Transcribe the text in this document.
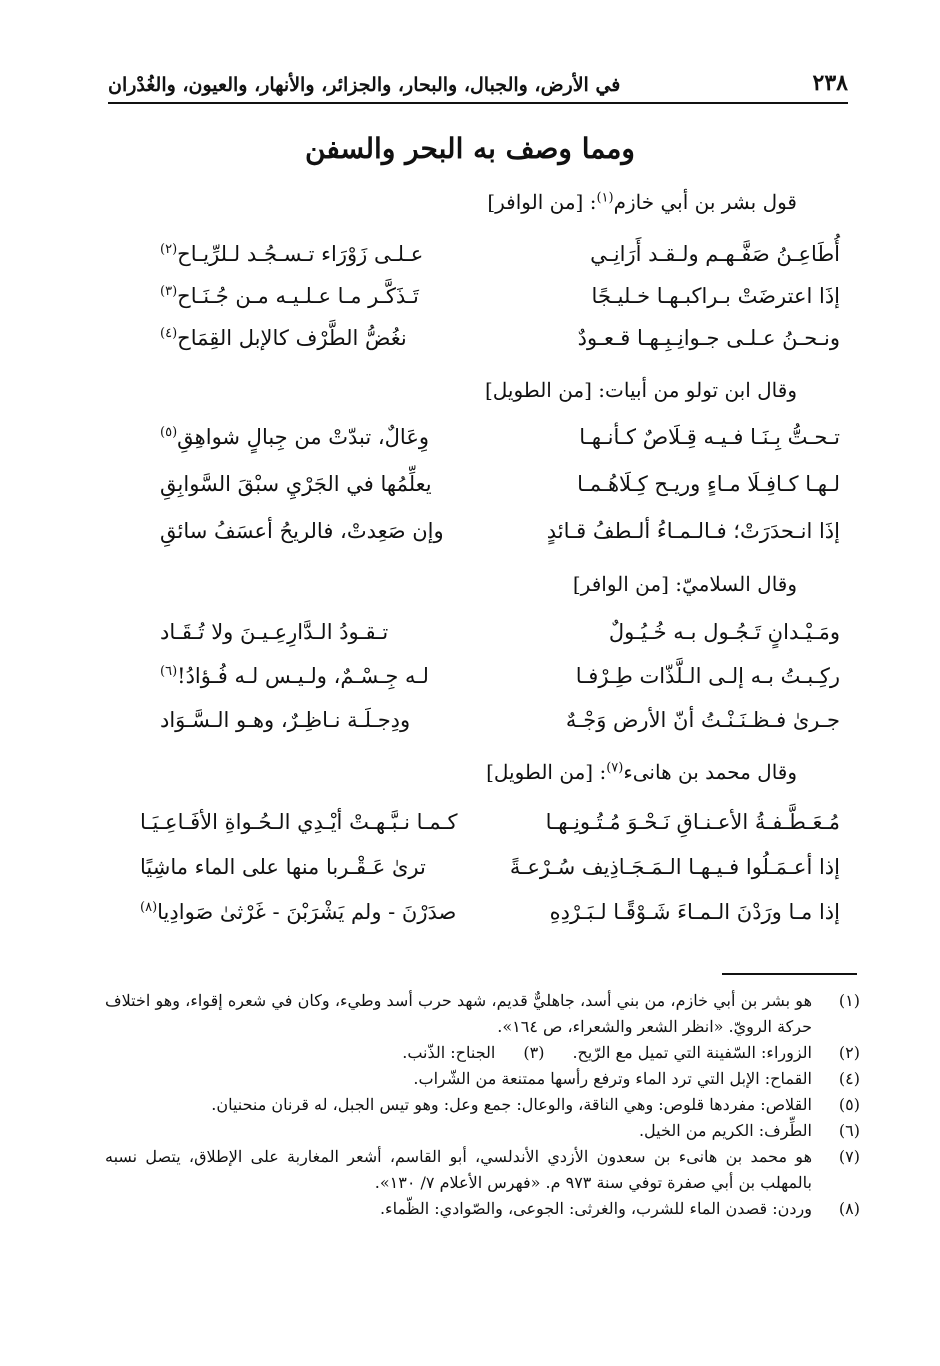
٢٣٨
في الأرض، والجبال، والبحار، والجزائر، والأنهار، والعيون، والغُدْران
ومما وصف به البحر والسفن
قول بشر بن أبي خازم$^{(١)}$: [من الوافر]
أُطَاعِـنُ صَفَّـهـم ولـقـد أَرَانِـي
عـلـى زَوْرَاء تـسـجُـد لـلرِّيـاح$^{(٢)}$
إذَا اعترضَتْ بـراكبـهـا خـليـجًا
تَـذَكَّـر مـا عـلـيـه مـن جُـنَـاح$^{(٣)}$
ونـحـنُ عـلـى جـوانِـبِـهـا قـعـودٌ
نغُضُّ الطَّرْف كالإبل القِمَاح$^{(٤)}$
وقال ابن تولو من أبيات: [من الطويل]
تـحـتُّ بِـنَـا فـيـه قِـلَاصٌ كـأنـهـا
وِعَالٌ، تبدّتْ من جِبالٍ شواهِقِ$^{(٥)}$
لـهـا كـافِـلَا مـاءٍ وريـح كِـلَاهُـمـا
يعلِّمُها في الجَرْيِ سبْقَ السَّوابِقِ
إذَا انـحدَرَتْ؛ فـالـمـاءُ ألـطفُ قـائدٍ
وإن صَعِدتْ، فالريحُ أعسَفُ سائقِ
وقال السلاميّ: [من الوافر]
ومَـيْـدانٍ تَـجُـول بـه خُـيُـولٌ
تـقـودُ الـدَّارِعِـيـنَ ولا تُـقَـاد
ركِـبـتُ بـه إلـى الـلَّذّات طِـرْفـا
لـه جِـسْـمٌ، ولـيـس لـه فُـؤادُ!$^{(٦)}$
جـرىٰ فـظـنَـنْـتُ أنّ الأرض وَجْـهٌ
ودِجـلَـة نـاظِـرٌ، وهـو الـسَّـوَاد
وقال محمد بن هانىء$^{(٧)}$: [من الطويل]
مُـعَـطَّـفـةُ الأعـنـاقِ نَـحْـوَ مُـتُـونِـهـا
كـمـا نـبَّـهـتْ أيْـدِي الـحُـواةِ الأفَـاعِـيَـا
إذا أعـمَـلُوا فـيـهـا الـمَـجَـاذِيف سُـرْعـةً
ترىٰ عَـقْـربا منها على الماء ماشِيًا
إذا مـا ورَدْنَ الـمـاءَ شَـوْقًـا لـبَـرْدِهِ
صدَرْنَ - ولم يَشْرَبْنَ - غَرْثىٰ صَوادِيا$^{(٨)}$
(١)
هو بشر بن أبي خازم، من بني أسد، جاهليٌّ قديم، شهد حرب أسد وطيء، وكان في شعره إقواء، وهو اختلاف حركة الرويّ. «انظر الشعر والشعراء، ص ١٦٤».
(٢)
الزوراء: السّفينة التي تميل مع الرّيح.
(٣)
الجناح: الذّنب.
(٤)
القماح: الإبل التي ترد الماء وترفع رأسها ممتنعة من الشّراب.
(٥)
القلاص: مفردها قلوص: وهي الناقة، والوعال: جمع وعل: وهو تيس الجبل، له قرنان منحنيان.
(٦)
الطِّرف: الكريم من الخيل.
(٧)
هو محمد بن هانىء بن سعدون الأزدي الأندلسي، أبو القاسم، أشعر المغاربة على الإطلاق، يتصل نسبه بالمهلب بن أبي صفرة توفي سنة ٩٧٣ م. «فهرس الأعلام ٧/ ١٣٠».
(٨)
وردن: قصدن الماء للشرب، والغرثى: الجوعى، والصّوادي: الظّماء.
